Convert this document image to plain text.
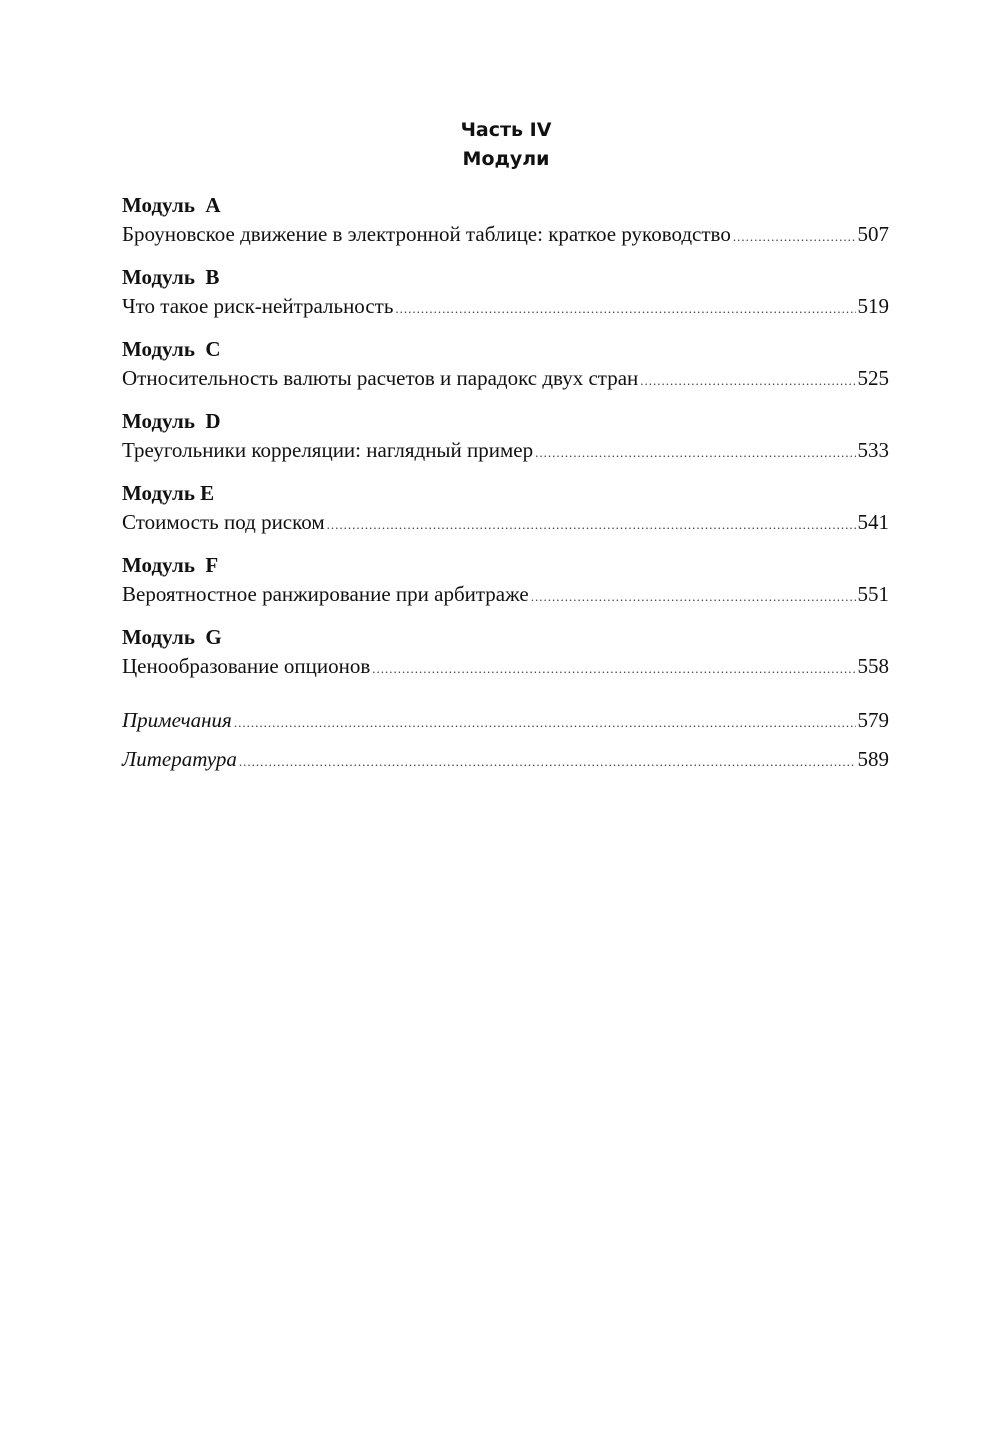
Часть IV
Модули
Модуль  A
Броуновское движение в электронной таблице: краткое руководство .....	507
Модуль  B
Что такое риск-нейтральность .....	519
Модуль  C
Относительность валюты расчетов и парадокс двух стран .....	525
Модуль  D
Треугольники корреляции: наглядный пример .....	533
Модуль E
Стоимость под риском .....	541
Модуль  F
Вероятностное ранжирование при арбитраже .....	551
Модуль  G
Ценообразование опционов .....	558
Примечания .....	579
Литература .....	589
